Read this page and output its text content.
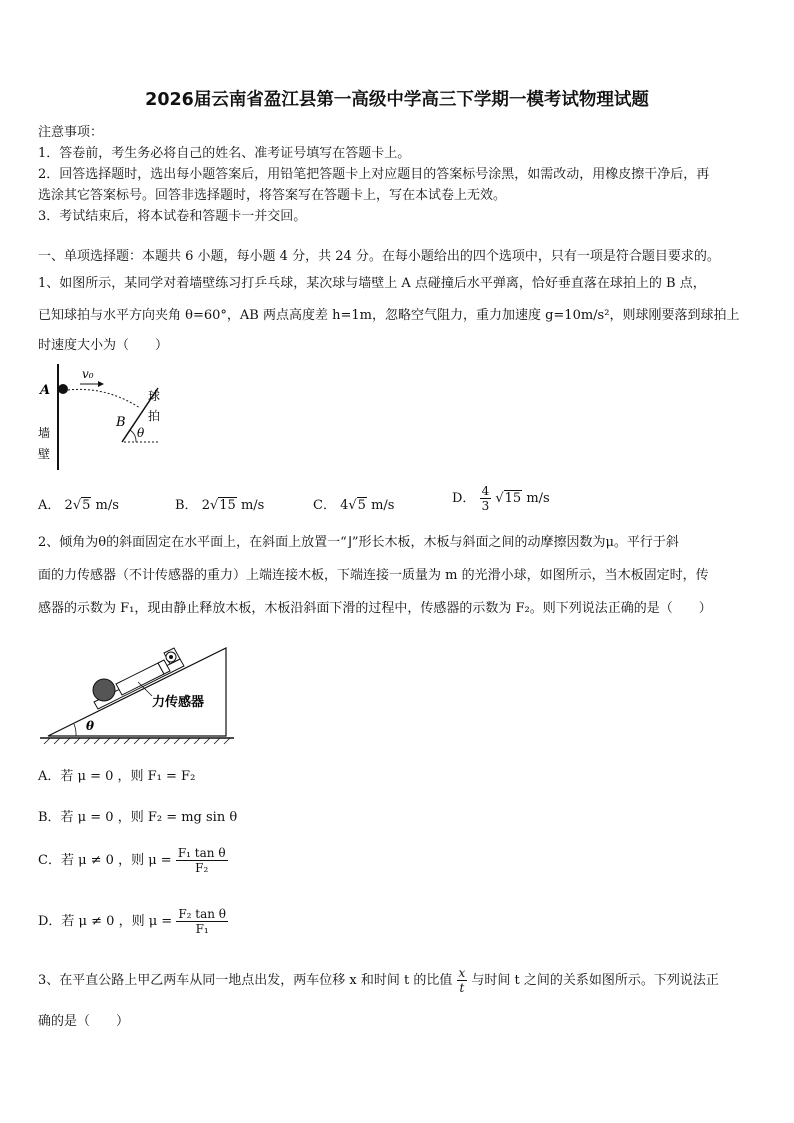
2026届云南省盈江县第一高级中学高三下学期一模考试物理试题
注意事项：
1．答卷前，考生务必将自己的姓名、准考证号填写在答题卡上。
2．回答选择题时，选出每小题答案后，用铅笔把答题卡上对应题目的答案标号涂黑，如需改动，用橡皮擦干净后，再
选涂其它答案标号。回答非选择题时，将答案写在答题卡上，写在本试卷上无效。
3．考试结束后，将本试卷和答题卡一并交回。
一、单项选择题：本题共 6 小题，每小题 4 分，共 24 分。在每小题给出的四个选项中，只有一项是符合题目要求的。
1、如图所示，某同学对着墙壁练习打乒乓球，某次球与墙壁上 A 点碰撞后水平弹离，恰好垂直落在球拍上的 B 点，
已知球拍与水平方向夹角 θ=60°，AB 两点高度差 h=1m，忽略空气阻力，重力加速度 g=10m/s²，则球刚要落到球拍上
时速度大小为（　　）
A
v₀
墙
壁
球
拍
B
θ
A． 2√5 m/s	B． 2√15 m/s	C． 4√5 m/s	D． $\frac{4}{3} √15$ m/s
2、倾角为θ的斜面固定在水平面上，在斜面上放置一“⌋”形长木板，木板与斜面之间的动摩擦因数为μ。平行于斜
面的力传感器（不计传感器的重力）上端连接木板，下端连接一质量为 m 的光滑小球，如图所示，当木板固定时，传
感器的示数为 F₁，现由静止释放木板，木板沿斜面下滑的过程中，传感器的示数为 F₂。则下列说法正确的是（　　）
力传感器
θ
A．若 μ = 0 ，则 F₁ = F₂
B．若 μ = 0 ，则 F₂ = mg sin θ
C．若 μ ≠ 0 ，则 $\mu = \frac{\text{F₁ tan θ}}{\text{F₂}}$
D．若 μ ≠ 0 ，则 $\mu = \frac{\text{F₂ tan θ}}{\text{F₁}}$
3、在平直公路上甲乙两车从同一地点出发，两车位移 x 和时间 t 的比值 $\frac{x}{t}$ 与时间 t 之间的关系如图所示。下列说法正
确的是（　　）
